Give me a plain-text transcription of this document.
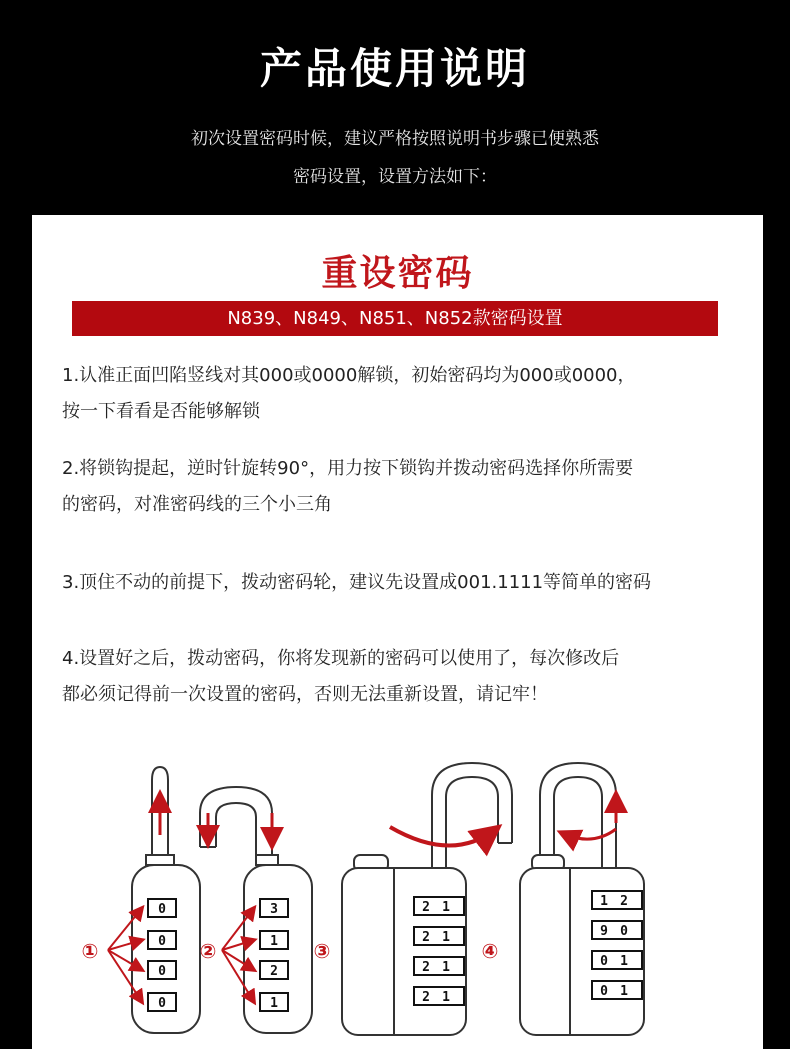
产品使用说明
初次设置密码时候，建议严格按照说明书步骤已便熟悉
密码设置，设置方法如下：
重设密码
N839、N849、N851、N852款密码设置
1.认准正面凹陷竖线对其000或0000解锁，初始密码均为000或0000，
按一下看看是否能够解锁
2.将锁钩提起，逆时针旋转90°，用力按下锁钩并拨动密码选择你所需要
的密码，对准密码线的三个小三角
3.顶住不动的前提下，拨动密码轮，建议先设置成001.1111等简单的密码
4.设置好之后，拨动密码，你将发现新的密码可以使用了，每次修改后
都必须记得前一次设置的密码，否则无法重新设置，请记牢！
①	②	③	④
0
0
0
0
3
1
2
1
2 1
2 1
2 1
2 1
1 2
9 0
0 1
0 1
